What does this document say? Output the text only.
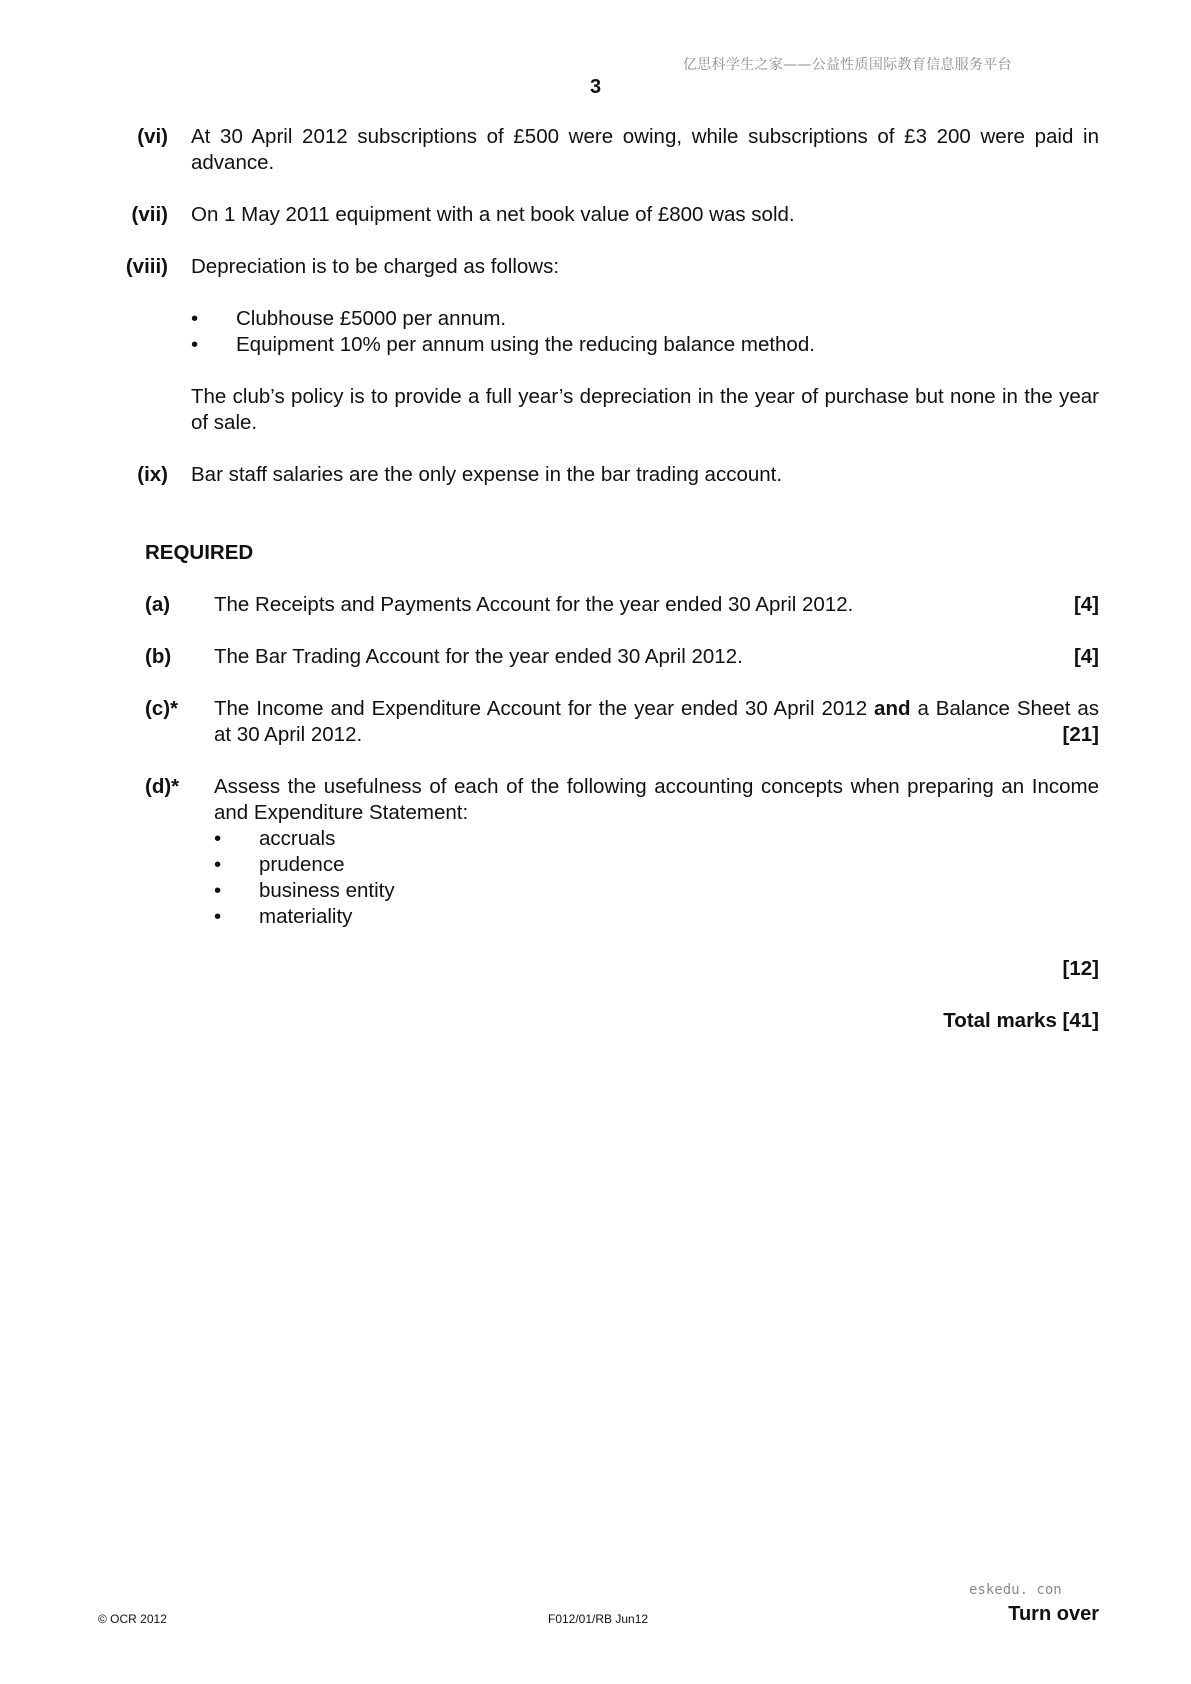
亿思科学生之家——公益性质国际教育信息服务平台
3
(vi)	At 30 April 2012 subscriptions of £500 were owing, while subscriptions of £3 200 were paid in advance.

(vii)	On 1 May 2011 equipment with a net book value of £800 was sold.

(viii)	Depreciation is to be charged as follows:

•	Clubhouse £5000 per annum.
•	Equipment 10% per annum using the reducing balance method.

The club’s policy is to provide a full year’s depreciation in the year of purchase but none in the year of sale.

(ix)	Bar staff salaries are the only expense in the bar trading account.

REQUIRED
(a)	The Receipts and Payments Account for the year ended 30 April 2012.	[4]
(b)	The Bar Trading Account for the year ended 30 April 2012.	[4]
(c)*	The Income and Expenditure Account for the year ended 30 April 2012 and a Balance Sheet as at 30 April 2012.	[21]

(d)*	Assess the usefulness of each of the following accounting concepts when preparing an Income and Expenditure Statement:

•	accruals
•	prudence
•	business entity
•	materiality
[12]
Total marks [41]
eskedu. con
© OCR 2012	F012/01/RB Jun12	Turn over
